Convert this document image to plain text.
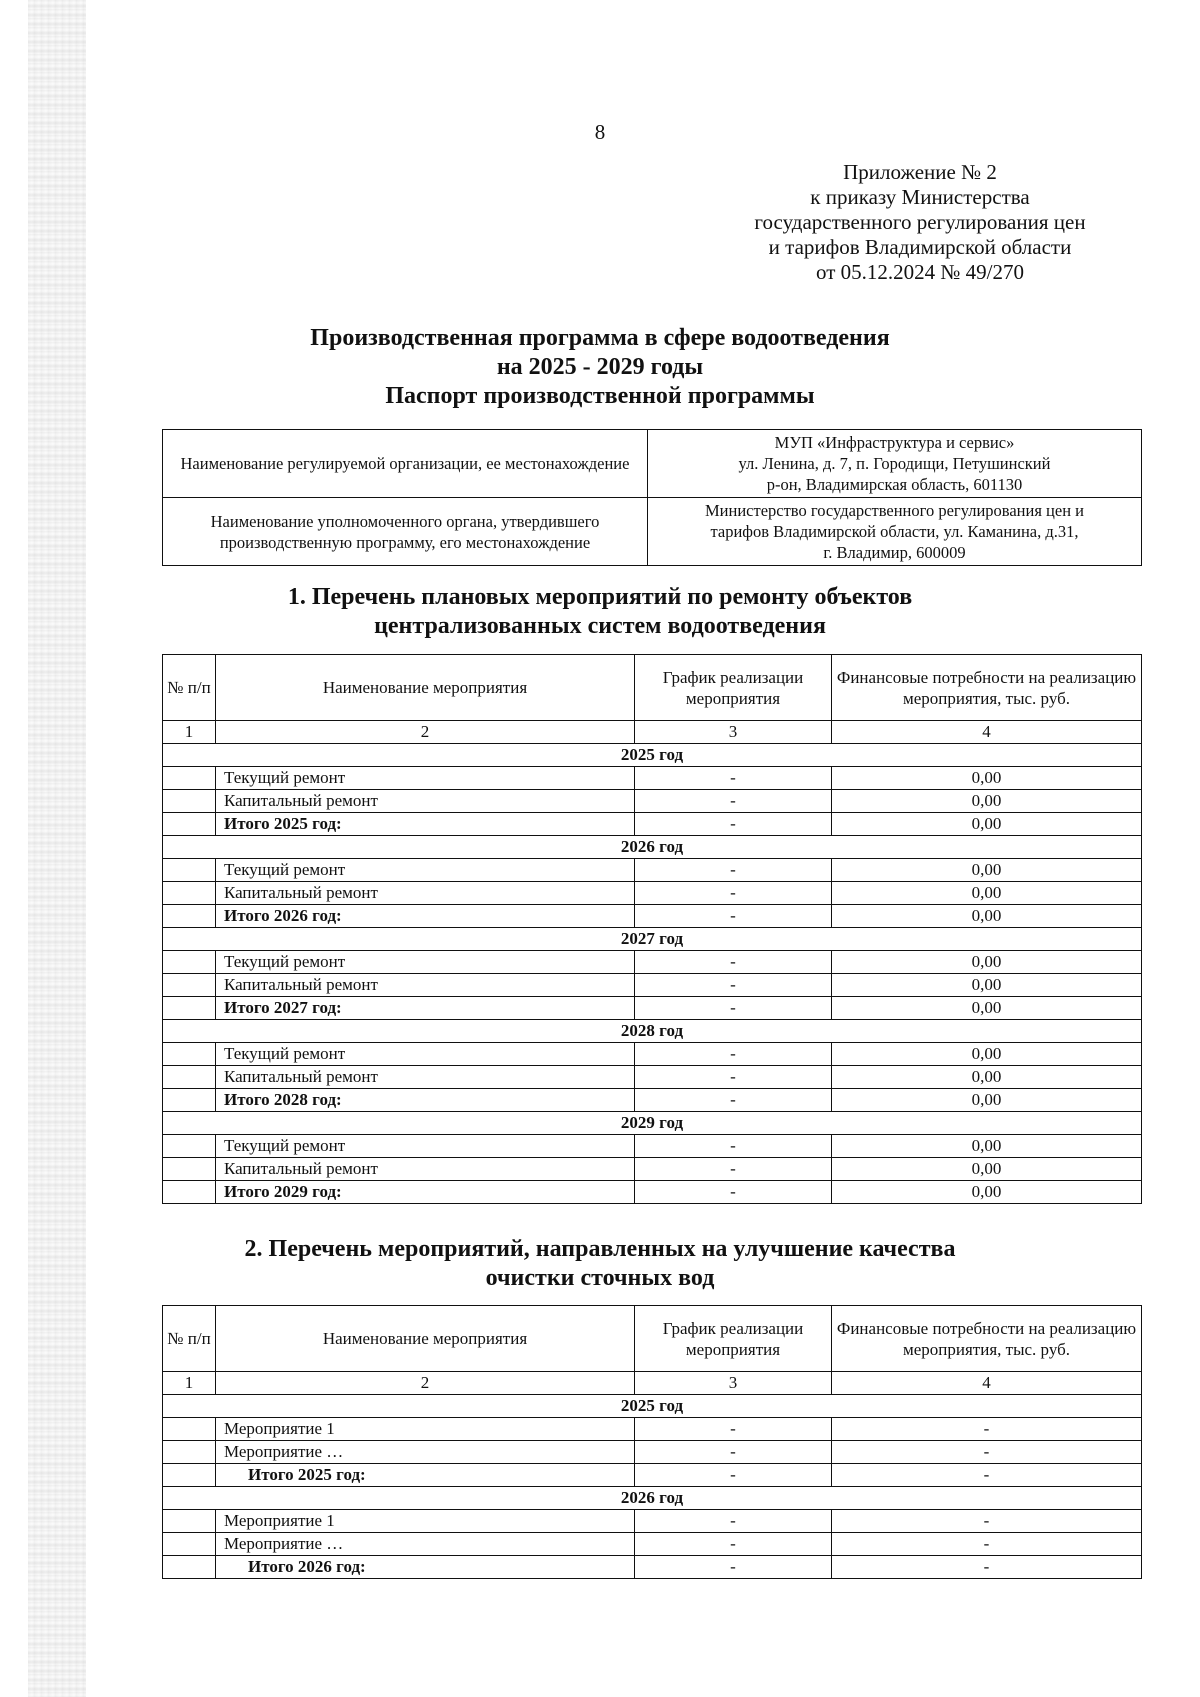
8
Приложение № 2
к приказу Министерства
государственного регулирования цен
и тарифов Владимирской области
от 05.12.2024 № 49/270
Производственная программа в сфере водоотведения
на 2025 - 2029 годы
Паспорт производственной программы
Наименование регулируемой организации, ее местонахождение	МУП «Инфраструктура и сервис»
ул. Ленина, д. 7, п. Городищи, Петушинский
р-он, Владимирская область, 601130

Наименование уполномоченного органа, утвердившего производственную программу, его местонахождение	Министерство государственного регулирования цен и
тарифов Владимирской области, ул. Каманина, д.31,
г. Владимир, 600009
1. Перечень плановых мероприятий по ремонту объектов
централизованных систем водоотведения
№ п/п	Наименование мероприятия	График реализации мероприятия	Финансовые потребности на реализацию мероприятия, тыс. руб.
1	2	3	4
2025 год			
	Текущий ремонт	-	0,00
	Капитальный ремонт	-	0,00
	Итого 2025 год:	-	0,00
2026 год			
	Текущий ремонт	-	0,00
	Капитальный ремонт	-	0,00
	Итого 2026 год:	-	0,00
2027 год			
	Текущий ремонт	-	0,00
	Капитальный ремонт	-	0,00
	Итого 2027 год:	-	0,00
2028 год			
	Текущий ремонт	-	0,00
	Капитальный ремонт	-	0,00
	Итого 2028 год:	-	0,00
2029 год			
	Текущий ремонт	-	0,00
	Капитальный ремонт	-	0,00
	Итого 2029 год:	-	0,00
2. Перечень мероприятий, направленных на улучшение качества
очистки сточных вод
№ п/п	Наименование мероприятия	График реализации мероприятия	Финансовые потребности на реализацию мероприятия, тыс. руб.
1	2	3	4
2025 год			
	Мероприятие 1	-	-
	Мероприятие …	-	-
	Итого 2025 год:	-	-
2026 год			
	Мероприятие 1	-	-
	Мероприятие …	-	-
	Итого 2026 год:	-	-
